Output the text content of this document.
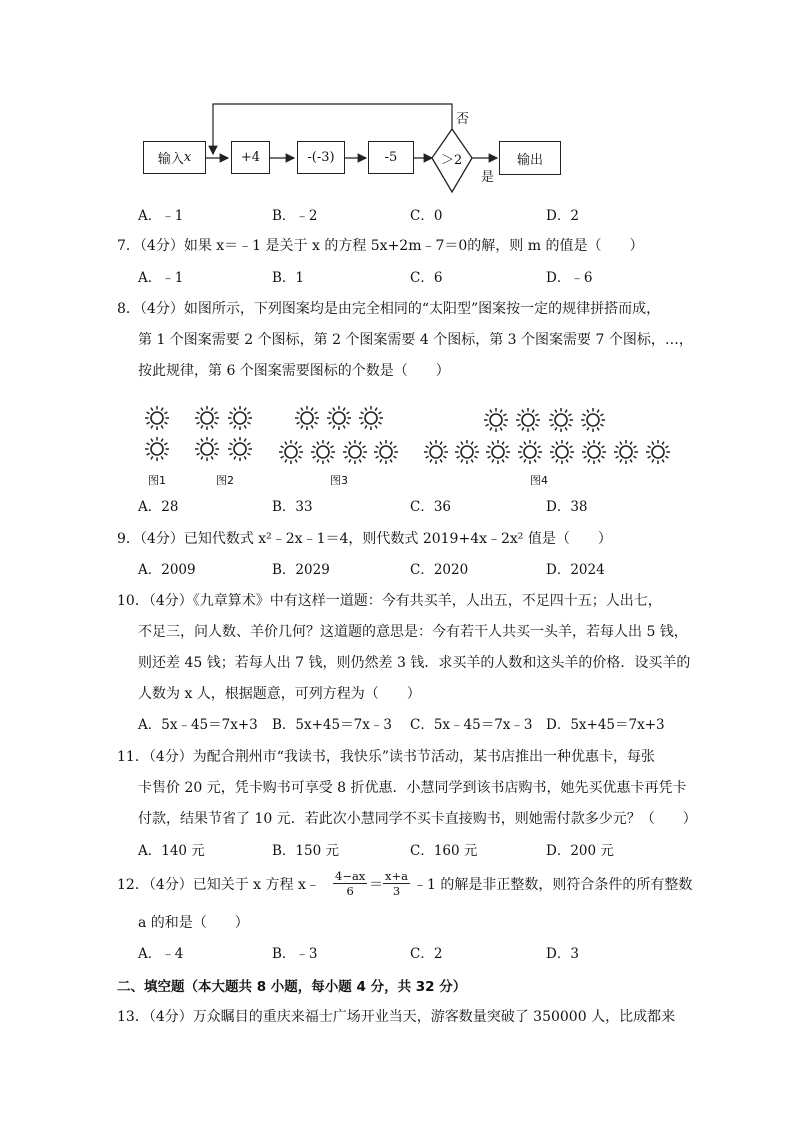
输入 x	+4	-(-3)	-5	＞2	输出
否
是
A．﹣1	B．﹣2	C．0	D．2
7．（4分）如果 x＝﹣1 是关于 x 的方程 5x+2m﹣7＝0的解，则 m 的值是（　　）
A．﹣1	B．1	C．6	D．﹣6
8．（4分）如图所示，下列图案均是由完全相同的“太阳型”图案按一定的规律拼搭而成，
第 1 个图案需要 2 个图标，第 2 个图案需要 4 个图标，第 3 个图案需要 7 个图标，…，
按此规律，第 6 个图案需要图标的个数是（　　）
图1	图2	图3	图4
A．28	B．33	C．36	D．38
9．（4分）已知代数式 x²﹣2x﹣1＝4，则代数式 2019+4x﹣2x² 值是（　　）
A．2009	B．2029	C．2020	D．2024
10．（4分）《九章算术》中有这样一道题：今有共买羊，人出五，不足四十五；人出七，
不足三，问人数、羊价几何？这道题的意思是：今有若干人共买一头羊，若每人出 5 钱，
则还差 45 钱；若每人出 7 钱，则仍然差 3 钱．求买羊的人数和这头羊的价格．设买羊的
人数为 x 人，根据题意，可列方程为（　　）
A．5x﹣45＝7x+3 B．5x+45＝7x﹣3 C．5x﹣45＝7x﹣3 D．5x+45＝7x+3
11．（4分）为配合荆州市“我读书，我快乐”读书节活动，某书店推出一种优惠卡，每张
卡售价 20 元，凭卡购书可享受 8 折优惠．小慧同学到该书店购书，她先买优惠卡再凭卡
付款，结果节省了 10 元．若此次小慧同学不买卡直接购书，则她需付款多少元？（　　）
A．140 元	B．150 元	C．160 元	D．200 元
12．（4分）已知关于 x 方程 x﹣ $\frac{4-ax}{6} = \frac{x+a}{3}$ ﹣1 的解是非正整数，则符合条件的所有整数
a 的和是（　　）
A．﹣4	B．﹣3	C．2	D．3
二、填空题（本大题共 8 小题，每小题 4 分，共 32 分）
13．（4分）万众瞩目的重庆来福士广场开业当天，游客数量突破了 350000 人，比成都来
